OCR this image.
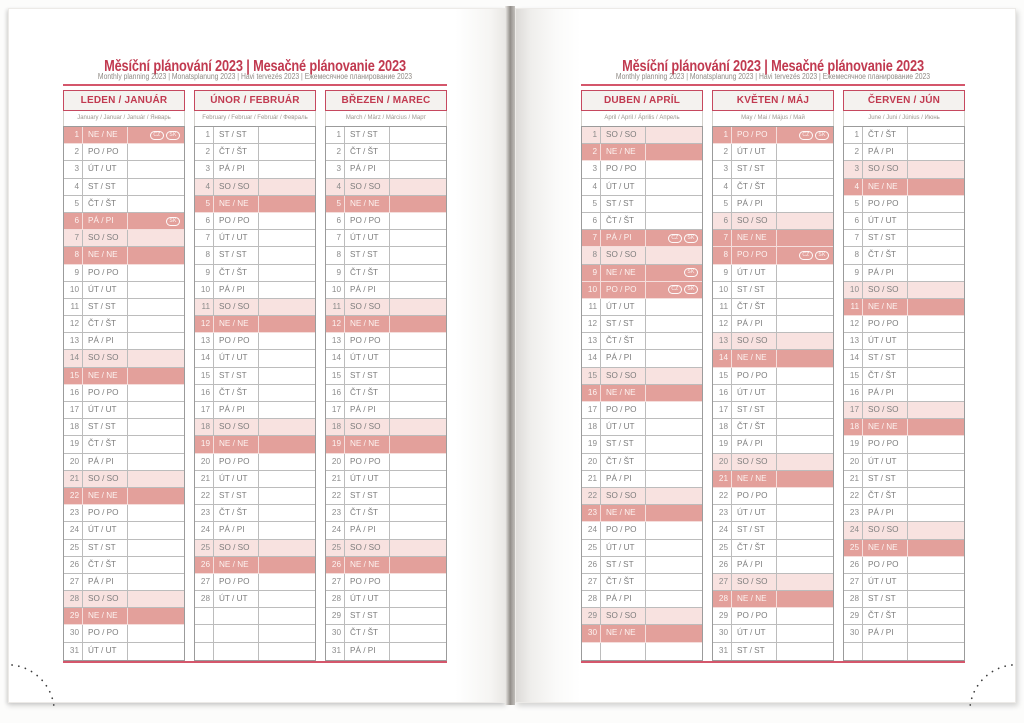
Měsíční plánování 2023 | Mesačné plánovanie 2023
Monthly planning 2023 | Monatsplanung 2023 | Havi tervezés 2023 | Ежемесячное планирование 2023
LEDEN / JANUÁR
January / Januar / Január / Январь
1	NE / NE	CZ	SK
2	PO / PO
3	ÚT / UT
4	ST / ST
5	ČT / ŠT
6	PÁ / PI	SK
7	SO / SO
8	NE / NE
9	PO / PO
10	ÚT / UT
11	ST / ST
12	ČT / ŠT
13	PÁ / PI
14	SO / SO
15	NE / NE
16	PO / PO
17	ÚT / UT
18	ST / ST
19	ČT / ŠT
20	PÁ / PI
21	SO / SO
22	NE / NE
23	PO / PO
24	ÚT / UT
25	ST / ST
26	ČT / ŠT
27	PÁ / PI
28	SO / SO
29	NE / NE
30	PO / PO
31	ÚT / UT
ÚNOR / FEBRUÁR
February / Februar / Február / Февраль
1	ST / ST
2	ČT / ŠT
3	PÁ / PI
4	SO / SO
5	NE / NE
6	PO / PO
7	ÚT / UT
8	ST / ST
9	ČT / ŠT
10	PÁ / PI
11	SO / SO
12	NE / NE
13	PO / PO
14	ÚT / UT
15	ST / ST
16	ČT / ŠT
17	PÁ / PI
18	SO / SO
19	NE / NE
20	PO / PO
21	ÚT / UT
22	ST / ST
23	ČT / ŠT
24	PÁ / PI
25	SO / SO
26	NE / NE
27	PO / PO
28	ÚT / UT
BŘEZEN / MAREC
March / März / Március / Март
1	ST / ST
2	ČT / ŠT
3	PÁ / PI
4	SO / SO
5	NE / NE
6	PO / PO
7	ÚT / UT
8	ST / ST
9	ČT / ŠT
10	PÁ / PI
11	SO / SO
12	NE / NE
13	PO / PO
14	ÚT / UT
15	ST / ST
16	ČT / ŠT
17	PÁ / PI
18	SO / SO
19	NE / NE
20	PO / PO
21	ÚT / UT
22	ST / ST
23	ČT / ŠT
24	PÁ / PI
25	SO / SO
26	NE / NE
27	PO / PO
28	ÚT / UT
29	ST / ST
30	ČT / ŠT
31	PÁ / PI
Měsíční plánování 2023 | Mesačné plánovanie 2023
Monthly planning 2023 | Monatsplanung 2023 | Havi tervezés 2023 | Ежемесячное планирование 2023
DUBEN / APRÍL
April / April / Április / Апрель
1	SO / SO
2	NE / NE
3	PO / PO
4	ÚT / UT
5	ST / ST
6	ČT / ŠT
7	PÁ / PI	CZ	SK
8	SO / SO
9	NE / NE	SK
10	PO / PO	CZ	SK
11	ÚT / UT
12	ST / ST
13	ČT / ŠT
14	PÁ / PI
15	SO / SO
16	NE / NE
17	PO / PO
18	ÚT / UT
19	ST / ST
20	ČT / ŠT
21	PÁ / PI
22	SO / SO
23	NE / NE
24	PO / PO
25	ÚT / UT
26	ST / ST
27	ČT / ŠT
28	PÁ / PI
29	SO / SO
30	NE / NE
KVĚTEN / MÁJ
May / Mai / Május / Май
1	PO / PO	CZ	SK
2	ÚT / UT
3	ST / ST
4	ČT / ŠT
5	PÁ / PI
6	SO / SO
7	NE / NE
8	PO / PO	CZ	SK
9	ÚT / UT
10	ST / ST
11	ČT / ŠT
12	PÁ / PI
13	SO / SO
14	NE / NE
15	PO / PO
16	ÚT / UT
17	ST / ST
18	ČT / ŠT
19	PÁ / PI
20	SO / SO
21	NE / NE
22	PO / PO
23	ÚT / UT
24	ST / ST
25	ČT / ŠT
26	PÁ / PI
27	SO / SO
28	NE / NE
29	PO / PO
30	ÚT / UT
31	ST / ST
ČERVEN / JÚN
June / Juni / Június / Июнь
1	ČT / ŠT
2	PÁ / PI
3	SO / SO
4	NE / NE
5	PO / PO
6	ÚT / UT
7	ST / ST
8	ČT / ŠT
9	PÁ / PI
10	SO / SO
11	NE / NE
12	PO / PO
13	ÚT / UT
14	ST / ST
15	ČT / ŠT
16	PÁ / PI
17	SO / SO
18	NE / NE
19	PO / PO
20	ÚT / UT
21	ST / ST
22	ČT / ŠT
23	PÁ / PI
24	SO / SO
25	NE / NE
26	PO / PO
27	ÚT / UT
28	ST / ST
29	ČT / ŠT
30	PÁ / PI
